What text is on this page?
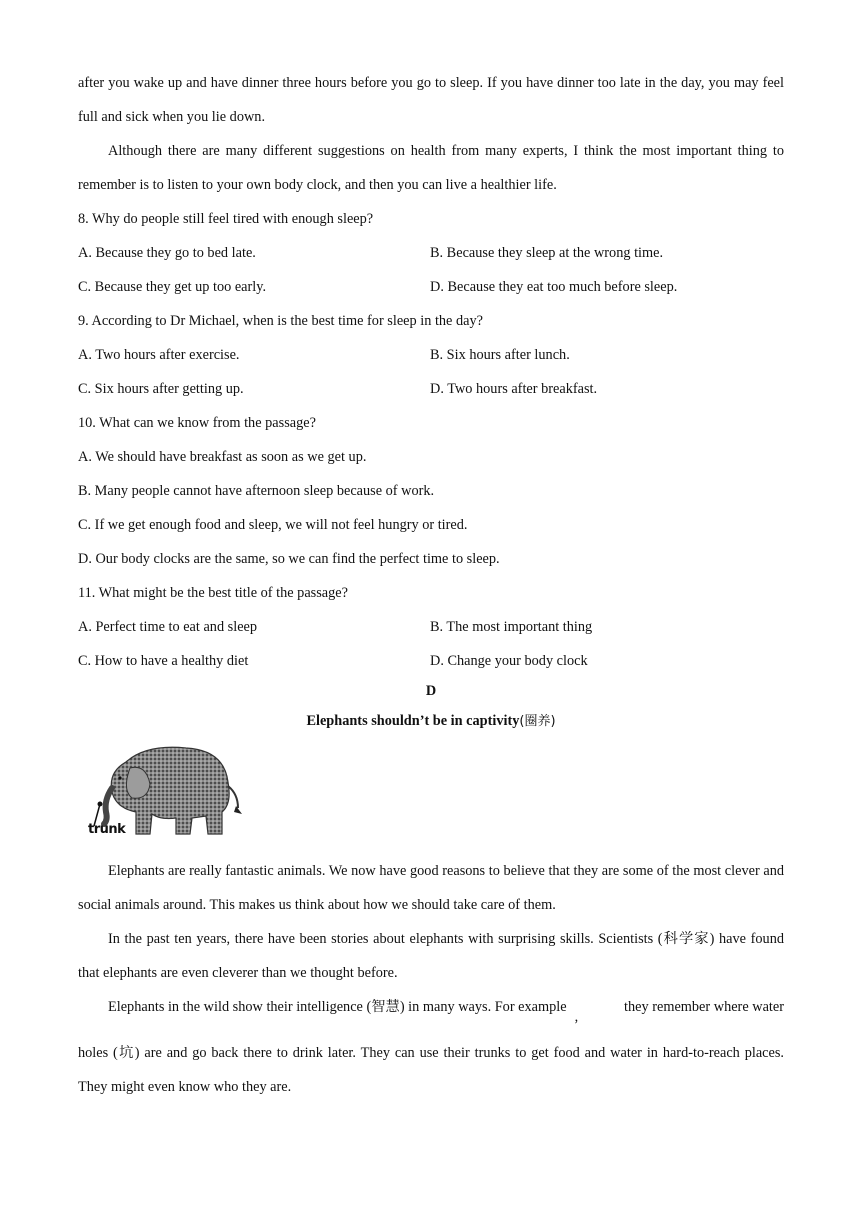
after you wake up and have dinner three hours before you go to sleep. If you have dinner too late in the day, you may feel full and sick when you lie down.

Although there are many different suggestions on health from many experts, I think the most important thing to remember is to listen to your own body clock, and then you can live a healthier life.

8. Why do people still feel tired with enough sleep?
A. Because they go to bed late.	B. Because they sleep at the wrong time.
C. Because they get up too early.	D. Because they eat too much before sleep.
9. According to Dr Michael, when is the best time for sleep in the day?
A. Two hours after exercise.	B. Six hours after lunch.
C. Six hours after getting up.	D. Two hours after breakfast.
10. What can we know from the passage?
A. We should have breakfast as soon as we get up.
B. Many people cannot have afternoon sleep because of work.
C. If we get enough food and sleep, we will not feel hungry or tired.
D. Our body clocks are the same, so we can find the perfect time to sleep.
11. What might be the best title of the passage?
A. Perfect time to eat and sleep	B. The most important thing
C. How to have a healthy diet	D. Change your body clock
D
Elephants shouldn’t be in captivity(圈养)
trunk

Elephants are really fantastic animals. We now have good reasons to believe that they are some of the most clever and social animals around. This makes us think about how we should take care of them.

In the past ten years, there have been stories about elephants with surprising skills. Scientists (科学家) have found that elephants are even cleverer than we thought before.

Elephants in the wild show their intelligence (智慧) in many ways. For example,
they remember where water

holes (坑) are and go back there to drink later. They can use their trunks to get food and water in hard-to-reach places. They might even know who they are.
